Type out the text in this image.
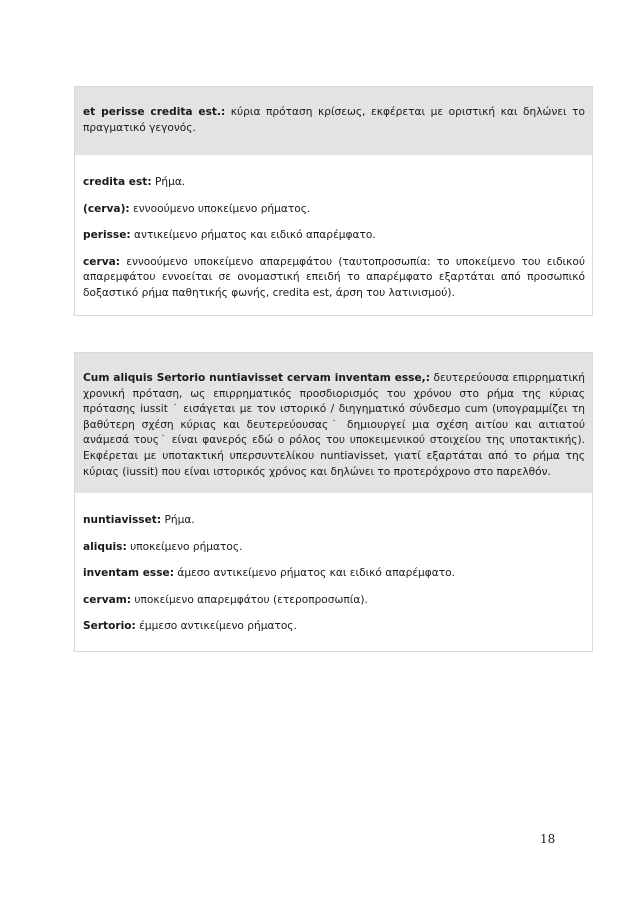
et perisse credita est.: κύρια πρόταση κρίσεως, εκφέρεται με οριστική και δηλώνει το πραγματικό γεγονός.

credita est: Ρήμα.

(cerva): εννοούμενο υποκείμενο ρήματος.

perisse: αντικείμενο ρήματος και ειδικό απαρέμφατο.

cerva: εννοούμενο υποκείμενο απαρεμφάτου (ταυτοπροσωπία: το υποκείμενο του ειδικού απαρεμφάτου εννοείται σε ονομαστική επειδή το απαρέμφατο εξαρτάται από προσωπικό δοξαστικό ρήμα παθητικής φωνής, credita est, άρση του λατινισμού).

Cum aliquis Sertorio nuntiavisset cervam inventam esse,: δευτερεύουσα επιρρηματική χρονική πρόταση, ως επιρρηματικός προσδιορισμός του χρόνου στο ρήμα της κύριας πρότασης iussit ˙ εισάγεται με τον ιστορικό / διηγηματικό σύνδεσμο cum (υπογραμμίζει τη βαθύτερη σχέση κύριας και δευτερεύουσας˙ δημιουργεί μια σχέση αιτίου και αιτιατού ανάμεσά τους˙ είναι φανερός εδώ ο ρόλος του υποκειμενικού στοιχείου της υποτακτικής). Εκφέρεται με υποτακτική υπερσυντελίκου nuntiavisset, γιατί εξαρτάται από το ρήμα της κύριας (iussit) που είναι ιστορικός χρόνος και δηλώνει το προτερόχρονο στο παρελθόν.

nuntiavisset: Ρήμα.

aliquis: υποκείμενο ρήματος.

inventam esse: άμεσο αντικείμενο ρήματος και ειδικό απαρέμφατο.

cervam: υποκείμενο απαρεμφάτου (ετεροπροσωπία).

Sertorio: έμμεσο αντικείμενο ρήματος.

18
